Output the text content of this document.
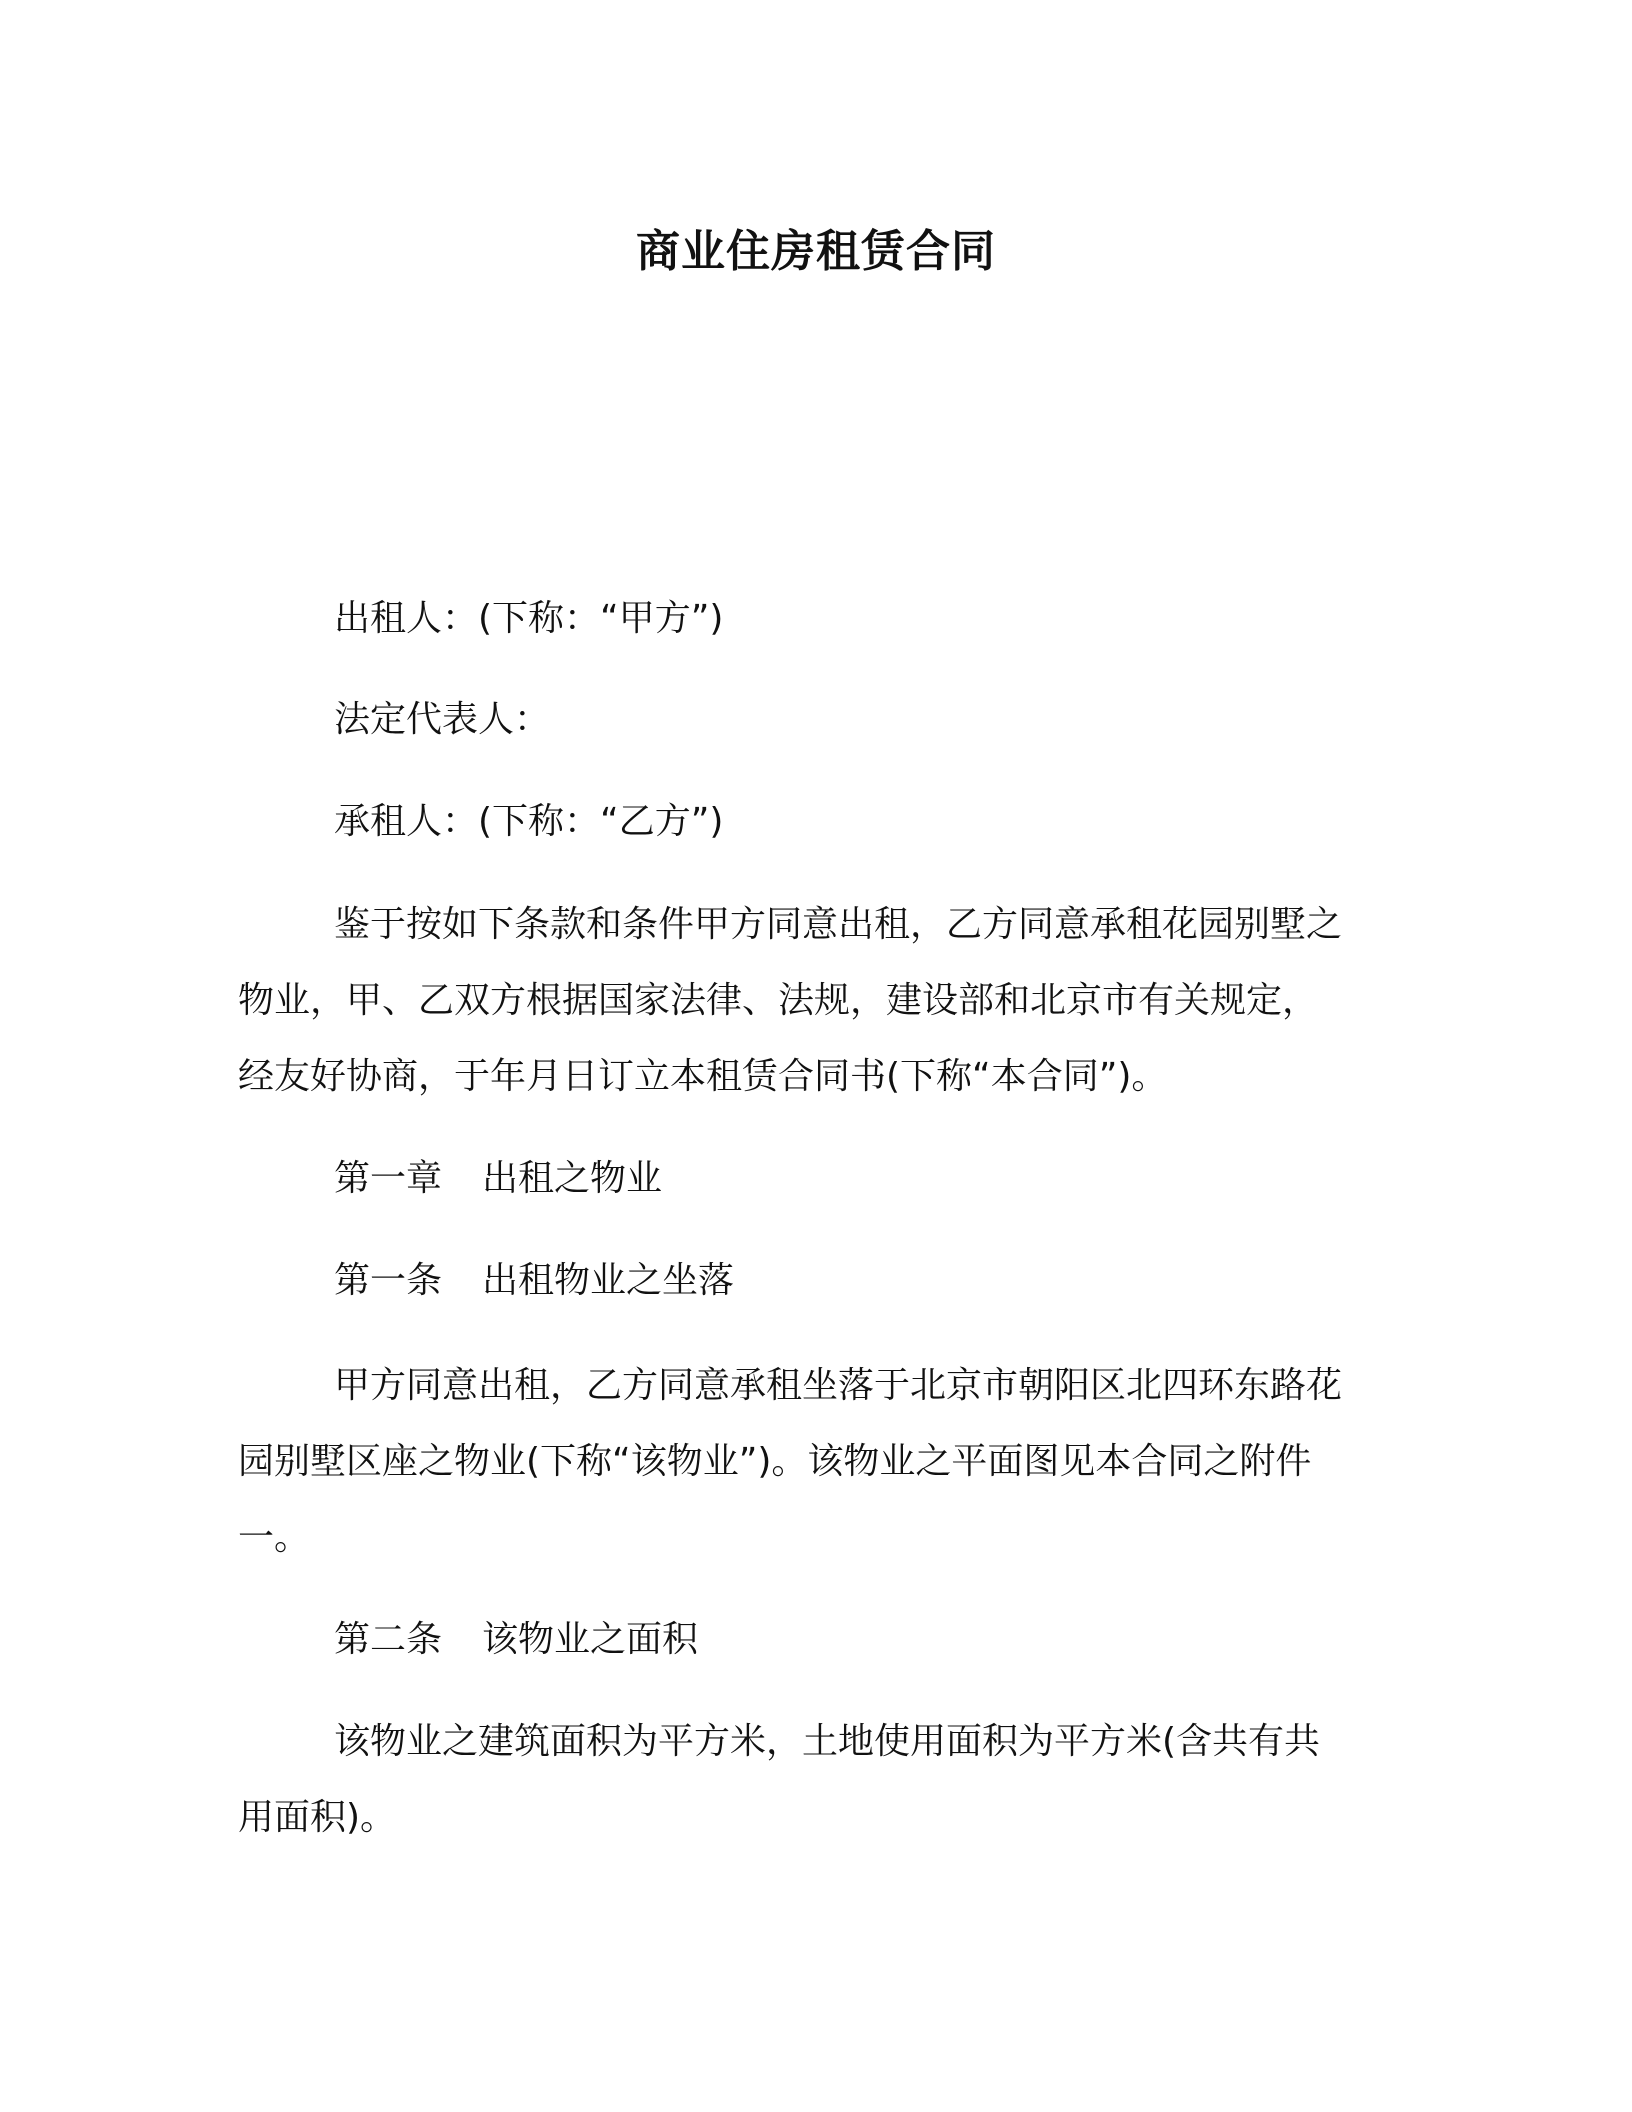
商业住房租赁合同
出租人：(下称：“甲方”)
法定代表人：
承租人：(下称：“乙方”)
鉴于按如下条款和条件甲方同意出租，乙方同意承租花园别墅之
物业，甲、乙双方根据国家法律、法规，建设部和北京市有关规定，
经友好协商，于年月日订立本租赁合同书(下称“本合同”)。
第一章 出租之物业
第一条 出租物业之坐落
甲方同意出租，乙方同意承租坐落于北京市朝阳区北四环东路花
园别墅区座之物业(下称“该物业”)。该物业之平面图见本合同之附件
一。
第二条 该物业之面积
该物业之建筑面积为平方米，土地使用面积为平方米(含共有共
用面积)。
